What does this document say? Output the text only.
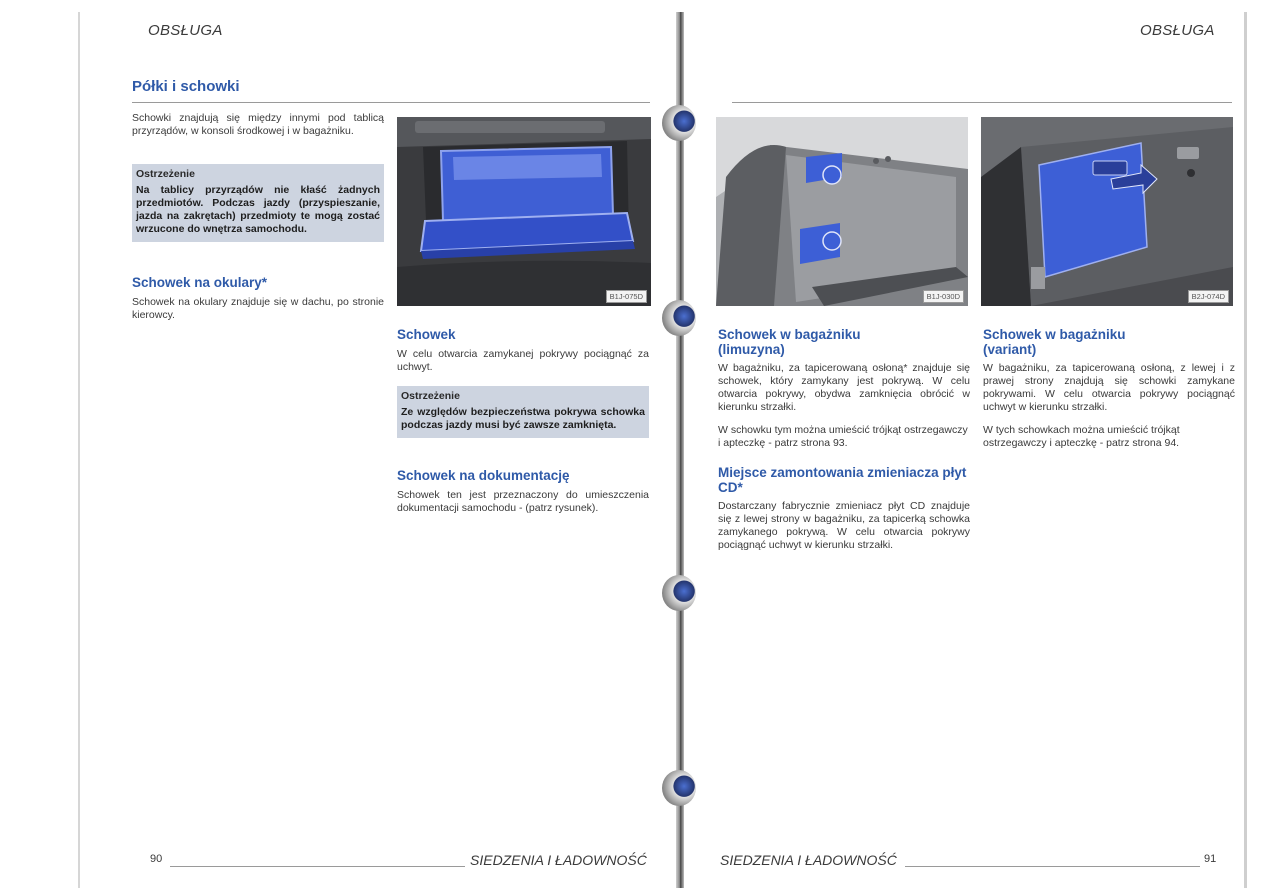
OBSŁUGA
Półki i schowki
Schowki znajdują się między innymi pod tablicą przyrządów, w konsoli środkowej i w bagażniku.
Ostrzeżenie
Na tablicy przyrządów nie kłaść żadnych przedmiotów. Podczas jazdy (przyspieszanie, jazda na zakrętach) przedmioty te mogą zostać wrzucone do wnętrza samochodu.
Schowek na okulary*
Schowek na okulary znajduje się w dachu, po stronie kierowcy.
B1J-075D
Schowek
W celu otwarcia zamykanej pokrywy pociągnąć za uchwyt.
Ostrzeżenie
Ze względów bezpieczeństwa pokrywa schowka podczas jazdy musi być zawsze zamknięta.
Schowek na dokumentację
Schowek ten jest przeznaczony do umieszczenia dokumentacji samochodu - (patrz rysunek).
90	SIEDZENIA I ŁADOWNOŚĆ
OBSŁUGA
B1J-030D	B2J-074D
Schowek w bagażniku (limuzyna)
W bagażniku, za tapicerowaną osłoną* znajduje się schowek, który zamykany jest pokrywą. W celu otwarcia pokrywy, obydwa zamknięcia obrócić w kierunku strzałki.
W schowku tym można umieścić trójkąt ostrzegawczy i apteczkę - patrz strona 93.
Miejsce zamontowania zmieniacza płyt CD*
Dostarczany fabrycznie zmieniacz płyt CD znajduje się z lewej strony w bagażniku, za tapicerką schowka zamykanego pokrywą. W celu otwarcia pokrywy pociągnąć uchwyt w kierunku strzałki.
Schowek w bagażniku (variant)
W bagażniku, za tapicerowaną osłoną, z lewej i z prawej strony znajdują się schowki zamykane pokrywami. W celu otwarcia pokrywy pociągnąć uchwyt w kierunku strzałki.
W tych schowkach można umieścić trójkąt ostrzegawczy i apteczkę - patrz strona 94.
SIEDZENIA I ŁADOWNOŚĆ	91
